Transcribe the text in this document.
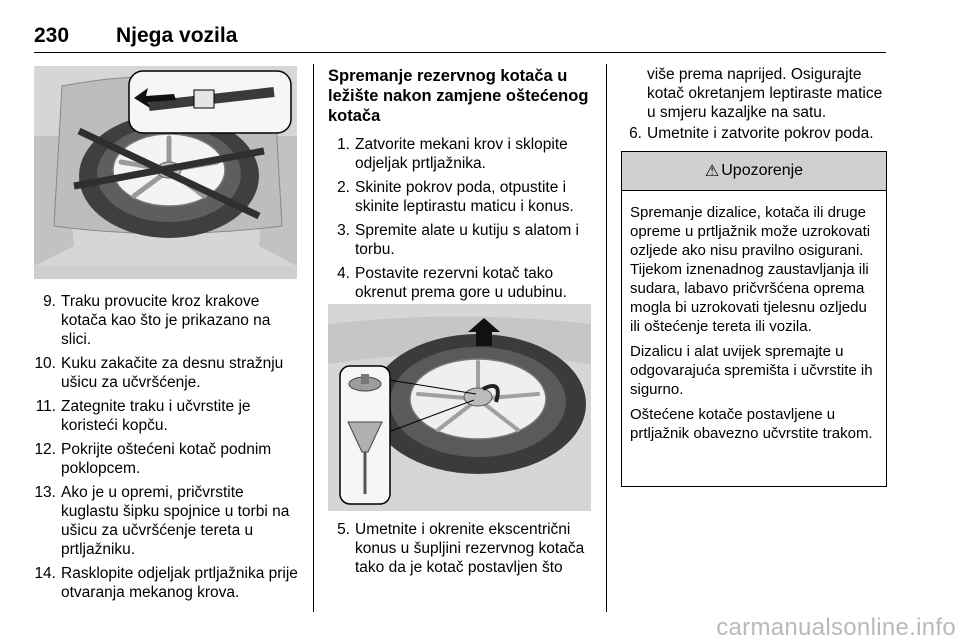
230 Njega vozila
9. Traku provucite kroz krakove kotača kao što je prikazano na slici.
10. Kuku zakačite za desnu stražnju ušicu za učvršćenje.
11. Zategnite traku i učvrstite je koristeći kopču.
12. Pokrijte oštećeni kotač podnim poklopcem.
13. Ako je u opremi, pričvrstite kuglastu šipku spojnice u torbi na ušicu za učvršćenje tereta u prtljažniku.
14. Rasklopite odjeljak prtljažnika prije otvaranja mekanog krova.
Spremanje rezervnog kotača u ležište nakon zamjene oštećenog kotača
1. Zatvorite mekani krov i sklopite odjeljak prtljažnika.
2. Skinite pokrov poda, otpustite i skinite leptirastu maticu i konus.
3. Spremite alate u kutiju s alatom i torbu.
4. Postavite rezervni kotač tako okrenut prema gore u udubinu.
5. Umetnite i okrenite ekscentrični konus u šupljini rezervnog kotača tako da je kotač postavljen što
više prema naprijed. Osigurajte kotač okretanjem leptiraste matice u smjeru kazaljke na satu.
6. Umetnite i zatvorite pokrov poda.
⚠ Upozorenje

Spremanje dizalice, kotača ili druge opreme u prtljažnik može uzrokovati ozljede ako nisu pravilno osigurani. Tijekom iznenadnog zaustavljanja ili sudara, labavo pričvršćena oprema mogla bi uzrokovati tjelesnu ozljedu ili oštećenje tereta ili vozila.

Dizalicu i alat uvijek spremajte u odgovarajuća spremišta i učvrstite ih sigurno.

Oštećene kotače postavljene u prtljažnik obavezno učvrstite trakom.

carmanualsonline.info
